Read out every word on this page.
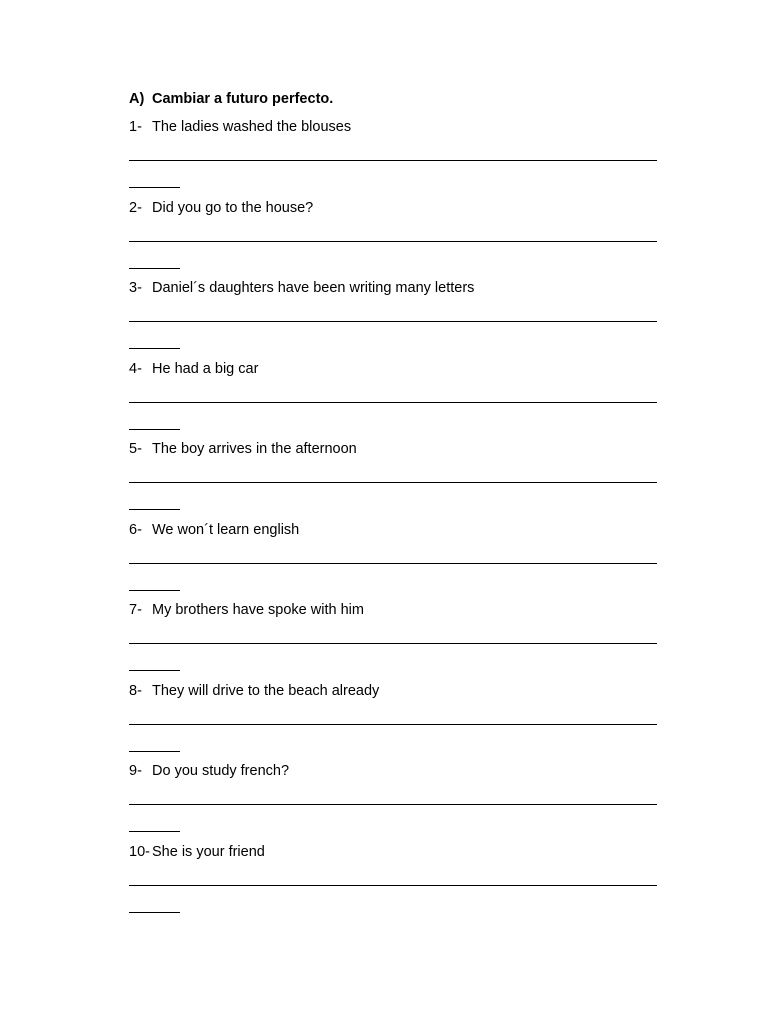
A) Cambiar a futuro perfecto.
1- The ladies washed the blouses
2- Did you go to the house?
3- Daniel´s daughters have been writing many letters
4- He had a big car
5- The boy arrives in the afternoon
6- We won´t learn english
7- My brothers have spoke with him
8- They will drive to the beach already
9- Do you study french?
10- She is your friend
